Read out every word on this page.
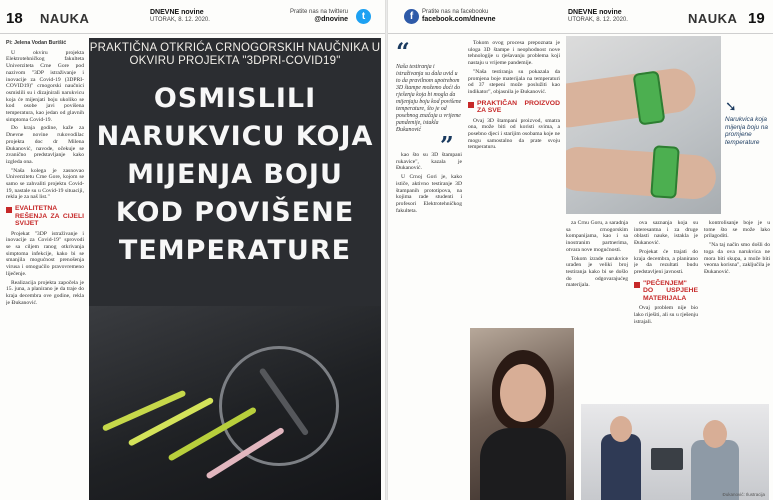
18 NAUKA	DNEVNE novine
UTORAK, 8. 12. 2020.
Pratite nas na twitteru
@dnovine	t
Pi: Jelena Vodan Burišić

U okviru projekta Elektrotehničkog fakulteta Univerziteta Crne Gore pod nazivom "3DP istraživanje i inovacije za Covid-19 (3DPRI-COVID19)" crnogorski naučnici osmislili su i dizajnirali narukvicu koja će mijenjati boju ukoliko se kod osobe javi povišena temperatura, kao jedan od glavnih simptoma Covid-19.

Do kraja godine, kaže za Dnevne novine rukovodilac projekta doc dr Milena Đukanović, navode, očekuje se zvanično predstavljanje kako izgleda ona.

"Naša kolega je zasnovao Univerzitetu Crne Gore, kojom se samo se zahvaliti projektu Covid-19, nastale su u Covid-19 situaciji, rekla je za naš list."

EVALITETNA REŠENJA ZA CIJELI SVIJET

Projekat "3DP istraživanje i inovacije za Covid-19" sprovodi se sa ciljem ranog otkrivanja simptoma infekcije, kako bi se smanjila mogućnost prenošenja virusa i omogućilo pravovremeno liječenje.

Realizacija projekta započela je 15. juna, a planirano je da traje do kraja decembra ove godine, rekla je Đukanović.

PRAKTIČNA OTKRIĆA CRNOGORSKIH NAUČNIKA U OKVIRU PROJEKTA "3DPRI-COVID19"
OSMISLILI NARUKVICU KOJA MIJENJA BOJU KOD POVIŠENE TEMPERATURE
f	Pratite nas na facebooku
facebook.com/dnevne
DNEVNE novine
UTORAK, 8. 12. 2020.	NAUKA 19
“
Naša testiranja i istraživanja su dala uvid u to da pravilnom upotrebom 3D štampe možemo doći do rješenja koja bi mogla da mijenjaju boju kod povišene temperature, što je od posebnog značaja u vrijeme pandemije, istakla Đukanović
”

kao što su 3D štampani rukavice", kazala je Đukanović.

U Crnoj Gori je, kako ističe, aktivno testiranje 3D štampanih prototipova, na kojima rade studenti i profesori Elektrotehničkog fakulteta.

Tokom ovog procesa prepoznata je uloga 3D štampe i neophodnost nove tehnologije u rješavanju problema koji nastaju u vrijeme pandemije.

"Naša testiranja su pokazala da promjena boje materijala na temperaturi od 37 stepeni može poslužiti kao indikator", objasnila je Đukanović.

PRAKTIČAN PROIZVOD ZA SVE

Ovaj 3D štampani proizvod, smatra ona, može biti od koristi svima, a posebno djeci i starijim osobama koje ne mogu samostalno da prate svoju temperaturu.

➘

Narukvica koja mijenja boju na promjene temperature

za Crnu Goru, a saradnja sa crnogorskim kompanijama, kao i sa inostranim partnerima, otvara nove mogućnosti.

Tokom izrade narukvice urađen je veliki broj testiranja kako bi se došlo do odgovarajućeg materijala.

ova saznanja koja su interesantna i za druge oblasti nauke, istakla je Đukanović.

Projekat će trajati do kraja decembra, a planirano je da rezultati budu predstavljeni javnosti.

"PEČENJEM" DO USPJEHE MATERIJALA

Ovaj problem nije bio lako riješiti, ali su u rješenju istrajali.

kontrolisanje boje je u tome što se može lako prilagoditi.

"Na taj način smo došli do toga da ova narukvica ne mora biti skupa, a može biti veoma korisna", zaključila je Đukanović.

Đukanović: Ilustracija
